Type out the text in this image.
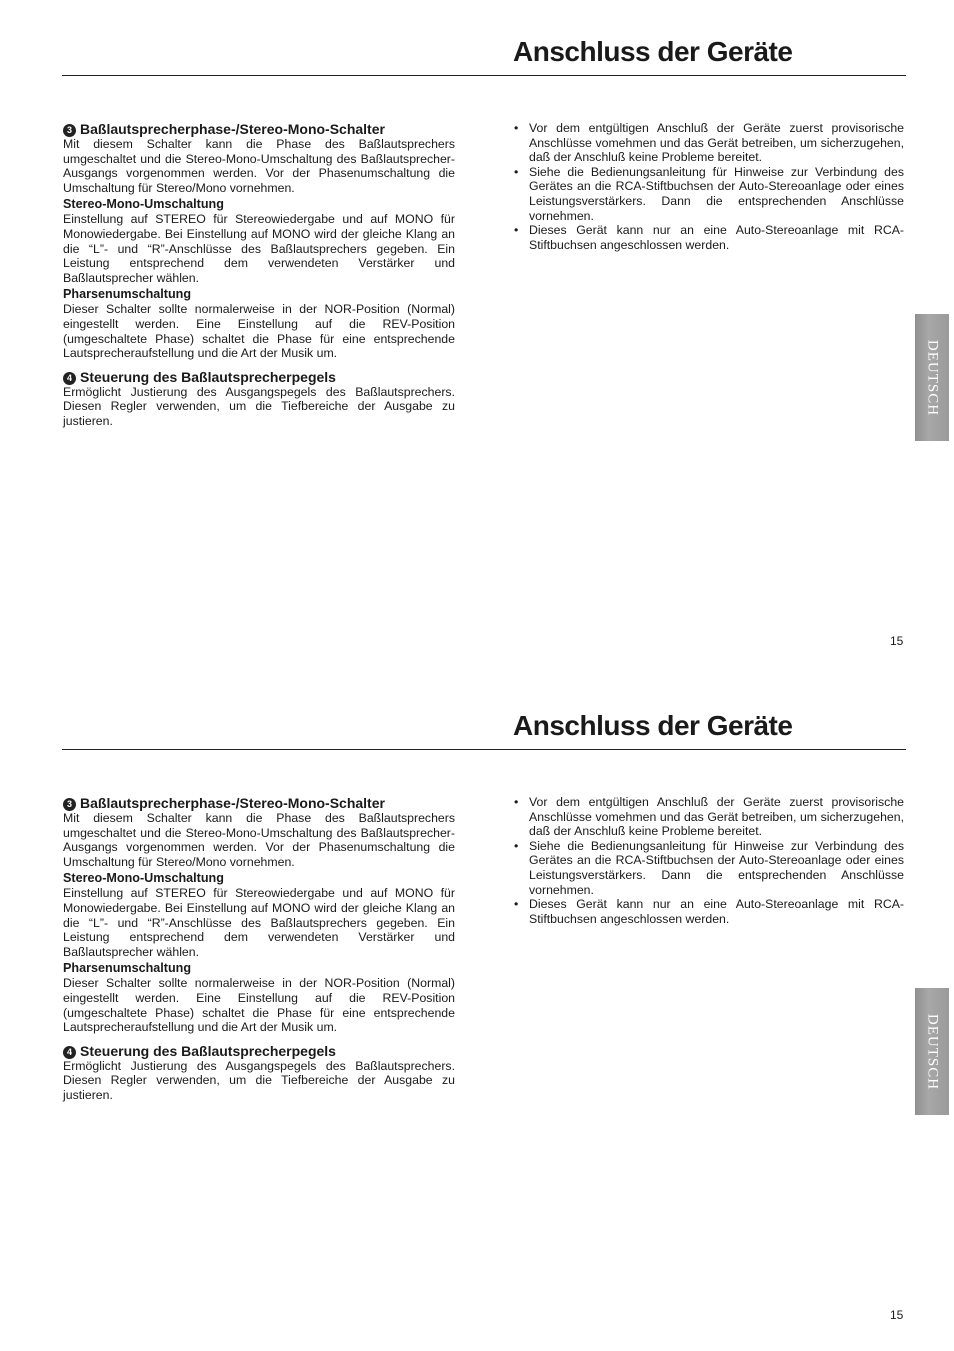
Anschluss der Geräte

3 Baßlautsprecherphase-/Stereo-Mono-Schalter

Mit diesem Schalter kann die Phase des Baßlautsprechers umgeschaltet und die Stereo-Mono-Umschaltung des Baßlautsprecher-Ausgangs vorgenommen werden. Vor der Phasenumschaltung die Umschaltung für Stereo/Mono vornehmen.

Stereo-Mono-Umschaltung

Einstellung auf STEREO für Stereowiedergabe und auf MONO für Monowiedergabe. Bei Einstellung auf MONO wird der gleiche Klang an die “L”- und “R”-Anschlüsse des Baßlautsprechers gegeben. Ein Leistung entsprechend dem verwendeten Verstärker und Baßlautsprecher wählen.

Pharsenumschaltung

Dieser Schalter sollte normalerweise in der NOR-Position (Normal) eingestellt werden. Eine Einstellung auf die REV-Position (umgeschaltete Phase) schaltet die Phase für eine entsprechende Lautsprecheraufstellung und die Art der Musik um.

4 Steuerung des Baßlautsprecherpegels

Ermöglicht Justierung des Ausgangspegels des Baßlautsprechers. Diesen Regler verwenden, um die Tiefbereiche der Ausgabe zu justieren.

• Vor dem entgültigen Anschluß der Geräte zuerst provisorische Anschlüsse vomehmen und das Gerät betreiben, um sicherzugehen, daß der Anschluß keine Probleme bereitet.
• Siehe die Bedienungsanleitung für Hinweise zur Verbindung des Gerätes an die RCA-Stiftbuchsen der Auto-Stereoanlage oder eines Leistungsverstärkers. Dann die entsprechenden Anschlüsse vornehmen.
• Dieses Gerät kann nur an eine Auto-Stereoanlage mit RCA-Stiftbuchsen angeschlossen werden.
DEUTSCH
15
Anschluss der Geräte

3 Baßlautsprecherphase-/Stereo-Mono-Schalter

Mit diesem Schalter kann die Phase des Baßlautsprechers umgeschaltet und die Stereo-Mono-Umschaltung des Baßlautsprecher-Ausgangs vorgenommen werden. Vor der Phasenumschaltung die Umschaltung für Stereo/Mono vornehmen.

Stereo-Mono-Umschaltung

Einstellung auf STEREO für Stereowiedergabe und auf MONO für Monowiedergabe. Bei Einstellung auf MONO wird der gleiche Klang an die “L”- und “R”-Anschlüsse des Baßlautsprechers gegeben. Ein Leistung entsprechend dem verwendeten Verstärker und Baßlautsprecher wählen.

Pharsenumschaltung

Dieser Schalter sollte normalerweise in der NOR-Position (Normal) eingestellt werden. Eine Einstellung auf die REV-Position (umgeschaltete Phase) schaltet die Phase für eine entsprechende Lautsprecheraufstellung und die Art der Musik um.

4 Steuerung des Baßlautsprecherpegels

Ermöglicht Justierung des Ausgangspegels des Baßlautsprechers. Diesen Regler verwenden, um die Tiefbereiche der Ausgabe zu justieren.

• Vor dem entgültigen Anschluß der Geräte zuerst provisorische Anschlüsse vomehmen und das Gerät betreiben, um sicherzugehen, daß der Anschluß keine Probleme bereitet.
• Siehe die Bedienungsanleitung für Hinweise zur Verbindung des Gerätes an die RCA-Stiftbuchsen der Auto-Stereoanlage oder eines Leistungsverstärkers. Dann die entsprechenden Anschlüsse vornehmen.
• Dieses Gerät kann nur an eine Auto-Stereoanlage mit RCA-Stiftbuchsen angeschlossen werden.
DEUTSCH
15
